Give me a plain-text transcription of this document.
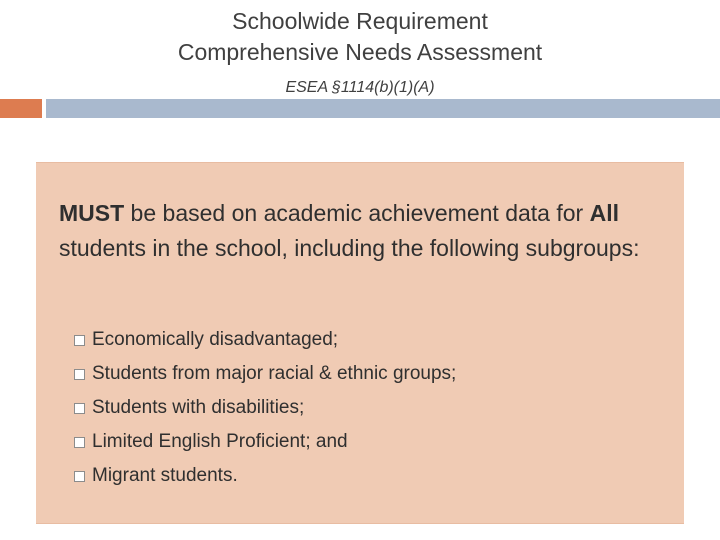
Schoolwide Requirement
Comprehensive Needs Assessment
ESEA §1114(b)(1)(A)
MUST be based on academic achievement data for All students in the school, including the following subgroups:
Economically disadvantaged;
Students from major racial & ethnic groups;
Students with disabilities;
Limited English Proficient; and
Migrant students.
